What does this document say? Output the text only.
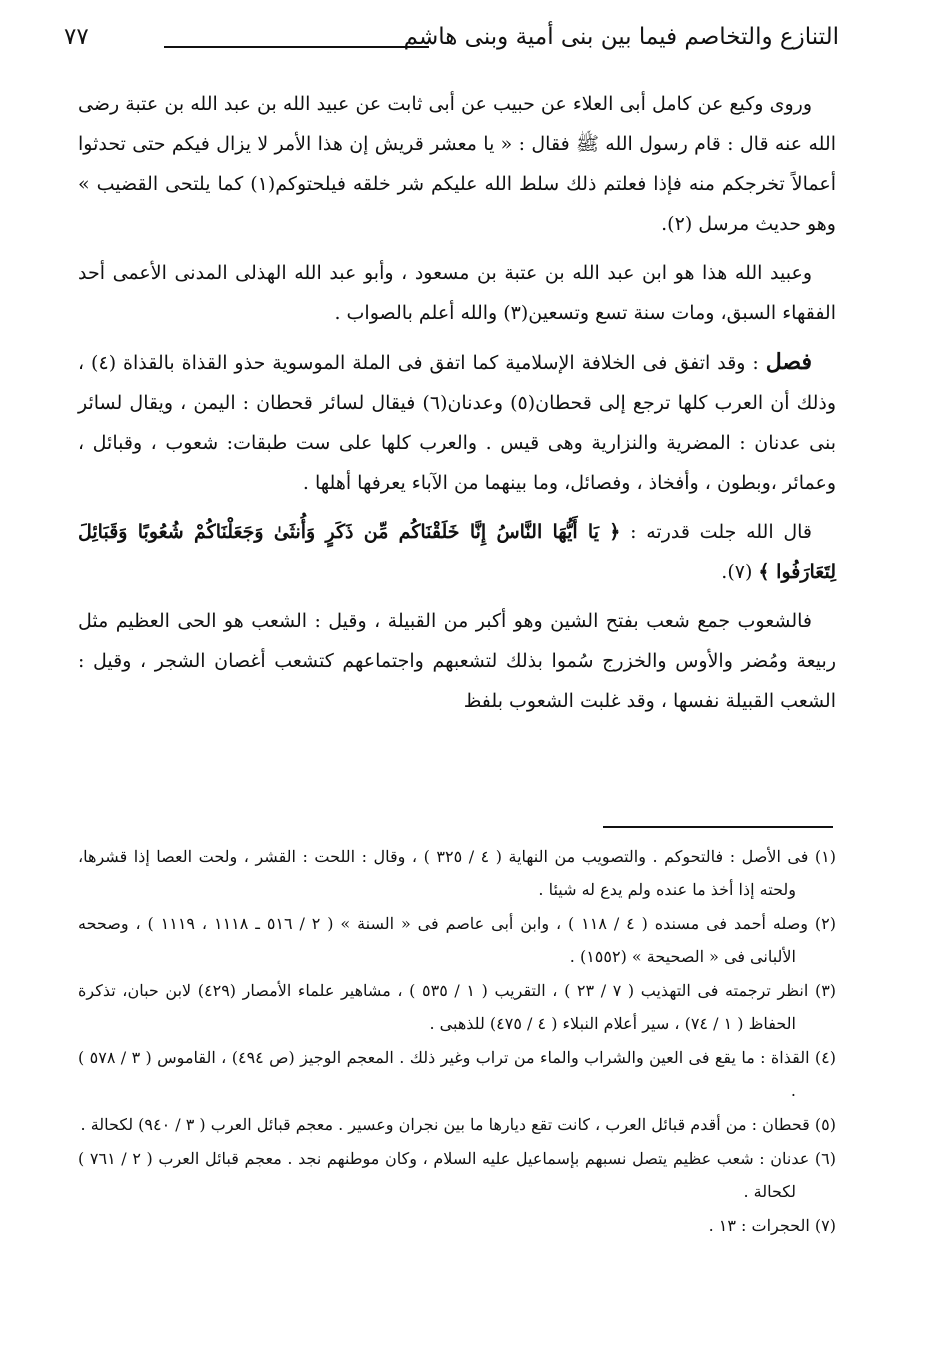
٧٧	التنازع والتخاصم فيما بين بنى أمية وبنى هاشم

وروى وكيع عن كامل أبى العلاء عن حبيب عن أبى ثابت عن عبيد الله بن عبد الله بن عتبة رضى الله عنه قال : قام رسول الله ﷺ فقال : « يا معشر قريش إن هذا الأمر لا يزال فيكم حتى تحدثوا أعمالاً تخرجكم منه فإذا فعلتم ذلك سلط الله عليكم شر خلقه فيلحتوكم(١) كما يلتحى القضيب » وهو حديث مرسل (٢).

وعبيد الله هذا هو ابن عبد الله بن عتبة بن مسعود ، وأبو عبد الله الهذلى المدنى الأعمى أحد الفقهاء السبق، ومات سنة تسع وتسعين(٣) والله أعلم بالصواب .

فصل : وقد اتفق فى الخلافة الإسلامية كما اتفق فى الملة الموسوية حذو القذاة بالقذاة (٤) ، وذلك أن العرب كلها ترجع إلى قحطان(٥) وعدنان(٦) فيقال لسائر قحطان : اليمن ، ويقال لسائر بنى عدنان : المضرية والنزارية وهى قيس . والعرب كلها على ست طبقات: شعوب ، وقبائل ، وعمائر ،وبطون ، وأفخاذ ، وفصائل، وما بينهما من الآباء يعرفها أهلها .

قال الله جلت قدرته : ﴿ يَا أَيُّهَا النَّاسُ إِنَّا خَلَقْنَاكُم مِّن ذَكَرٍ وَأُنثَىٰ وَجَعَلْنَاكُمْ شُعُوبًا وَقَبَائِلَ لِتَعَارَفُوا ﴾ (٧).

فالشعوب جمع شعب بفتح الشين وهو أكبر من القبيلة ، وقيل : الشعب هو الحى العظيم مثل ربيعة ومُضر والأوس والخزرج سُموا بذلك لتشعبهم واجتماعهم كتشعب أغصان الشجر ، وقيل : الشعب القبيلة نفسها ، وقد غلبت الشعوب بلفظ

(١) فى الأصل : فالتحوكم . والتصويب من النهاية ( ٤ / ٣٢٥ ) ، وقال : اللحت : القشر ، ولحت العصا إذا قشرها، ولحته إذا أخذ ما عنده ولم يدع له شيئا .

(٢) وصله أحمد فى مسنده ( ٤ / ١١٨ ) ، وابن أبى عاصم فى « السنة » ( ٢ / ٥١٦ ـ ١١١٨ ، ١١١٩ ) ، وصححه الألبانى فى « الصحيحة » (١٥٥٢) .

(٣) انظر ترجمته فى التهذيب ( ٧ / ٢٣ ) ، التقريب ( ١ / ٥٣٥ ) ، مشاهير علماء الأمصار (٤٢٩) لابن حبان، تذكرة الحفاظ ( ١ / ٧٤) ، سير أعلام النبلاء ( ٤ / ٤٧٥) للذهبى .

(٤) القذاة : ما يقع فى العين والشراب والماء من تراب وغير ذلك . المعجم الوجيز (ص ٤٩٤) ، القاموس ( ٣ / ٥٧٨ ) .

(٥) قحطان : من أقدم قبائل العرب ، كانت تقع ديارها ما بين نجران وعسير . معجم قبائل العرب ( ٣ / ٩٤٠) لكحالة .

(٦) عدنان : شعب عظيم يتصل نسبهم بإسماعيل عليه السلام ، وكان موطنهم نجد . معجم قبائل العرب ( ٢ / ٧٦١ ) لكحالة .

(٧) الحجرات : ١٣ .
